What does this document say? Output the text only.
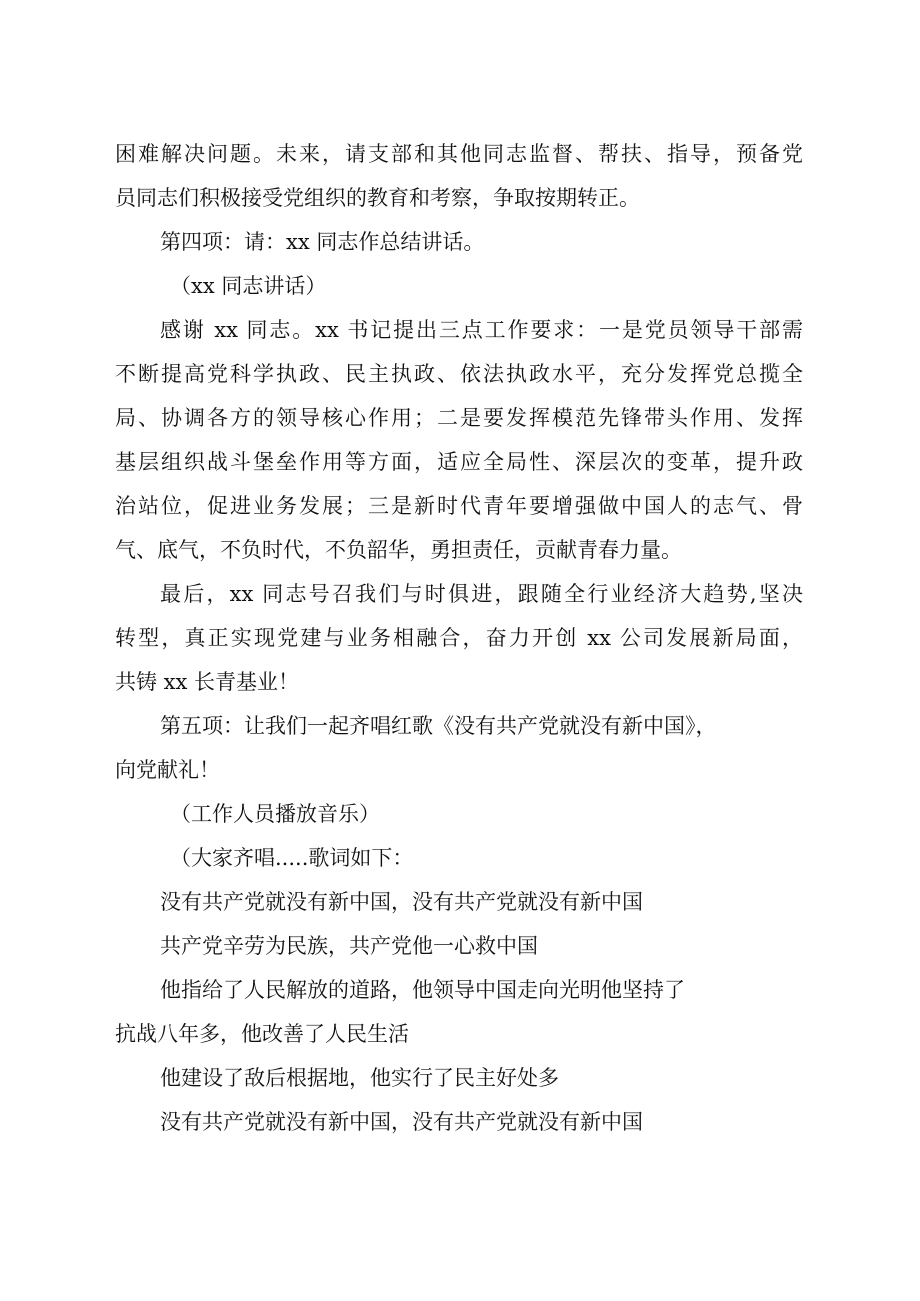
困难解决问题。未来，请支部和其他同志监督、帮扶、指导，预备党
员同志们积极接受党组织的教育和考察，争取按期转正。
第四项：请：xx 同志作总结讲话。
（xx 同志讲话）
感谢 xx 同志。xx 书记提出三点工作要求：一是党员领导干部需
不断提高党科学执政、民主执政、依法执政水平，充分发挥党总揽全
局、协调各方的领导核心作用；二是要发挥模范先锋带头作用、发挥
基层组织战斗堡垒作用等方面，适应全局性、深层次的变革，提升政
治站位，促进业务发展；三是新时代青年要增强做中国人的志气、骨
气、底气，不负时代，不负韶华，勇担责任，贡献青春力量。
最后，xx 同志号召我们与时俱进，跟随全行业经济大趋势,坚决
转型，真正实现党建与业务相融合，奋力开创 xx 公司发展新局面，
共铸 xx 长青基业！
第五项：让我们一起齐唱红歌《没有共产党就没有新中国》，
向党献礼！
（工作人员播放音乐）
（大家齐唱.....歌词如下：
没有共产党就没有新中国，没有共产党就没有新中国
共产党辛劳为民族，共产党他一心救中国
他指给了人民解放的道路，他领导中国走向光明他坚持了
抗战八年多，他改善了人民生活
他建设了敌后根据地，他实行了民主好处多
没有共产党就没有新中国，没有共产党就没有新中国
